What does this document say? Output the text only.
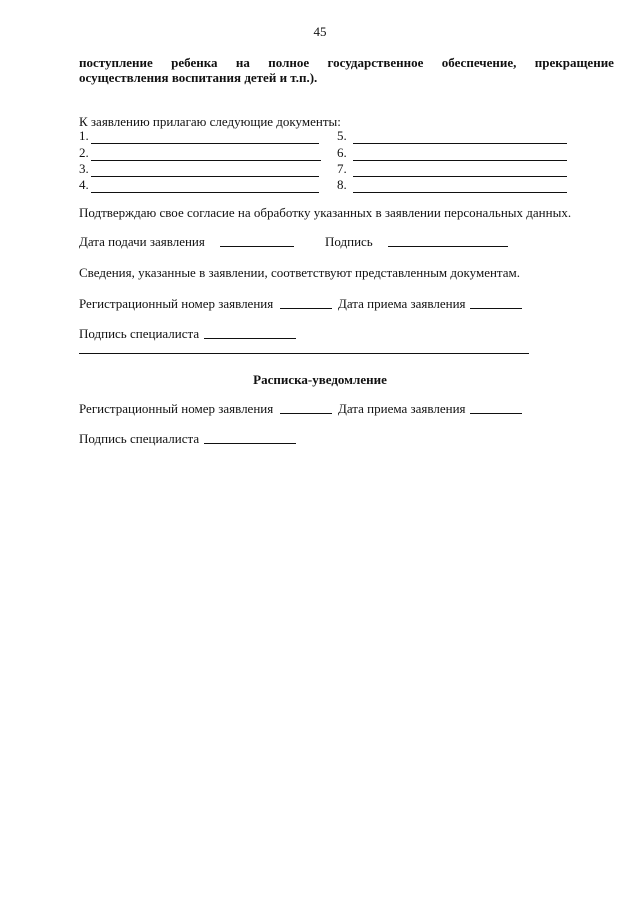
45
поступление ребенка на полное государственное обеспечение, прекращение
осуществления воспитания детей и т.п.).
К заявлению прилагаю следующие документы:
1.
2.
3.
4.
5.
6.
7.
8.
Подтверждаю свое согласие на обработку указанных в заявлении персональных данных.
Дата подачи заявления	Подпись
Сведения, указанные в заявлении, соответствуют представленным документам.
Регистрационный номер заявления	Дата приема заявления
Подпись специалиста
Расписка-уведомление
Регистрационный номер заявления	Дата приема заявления
Подпись специалиста
